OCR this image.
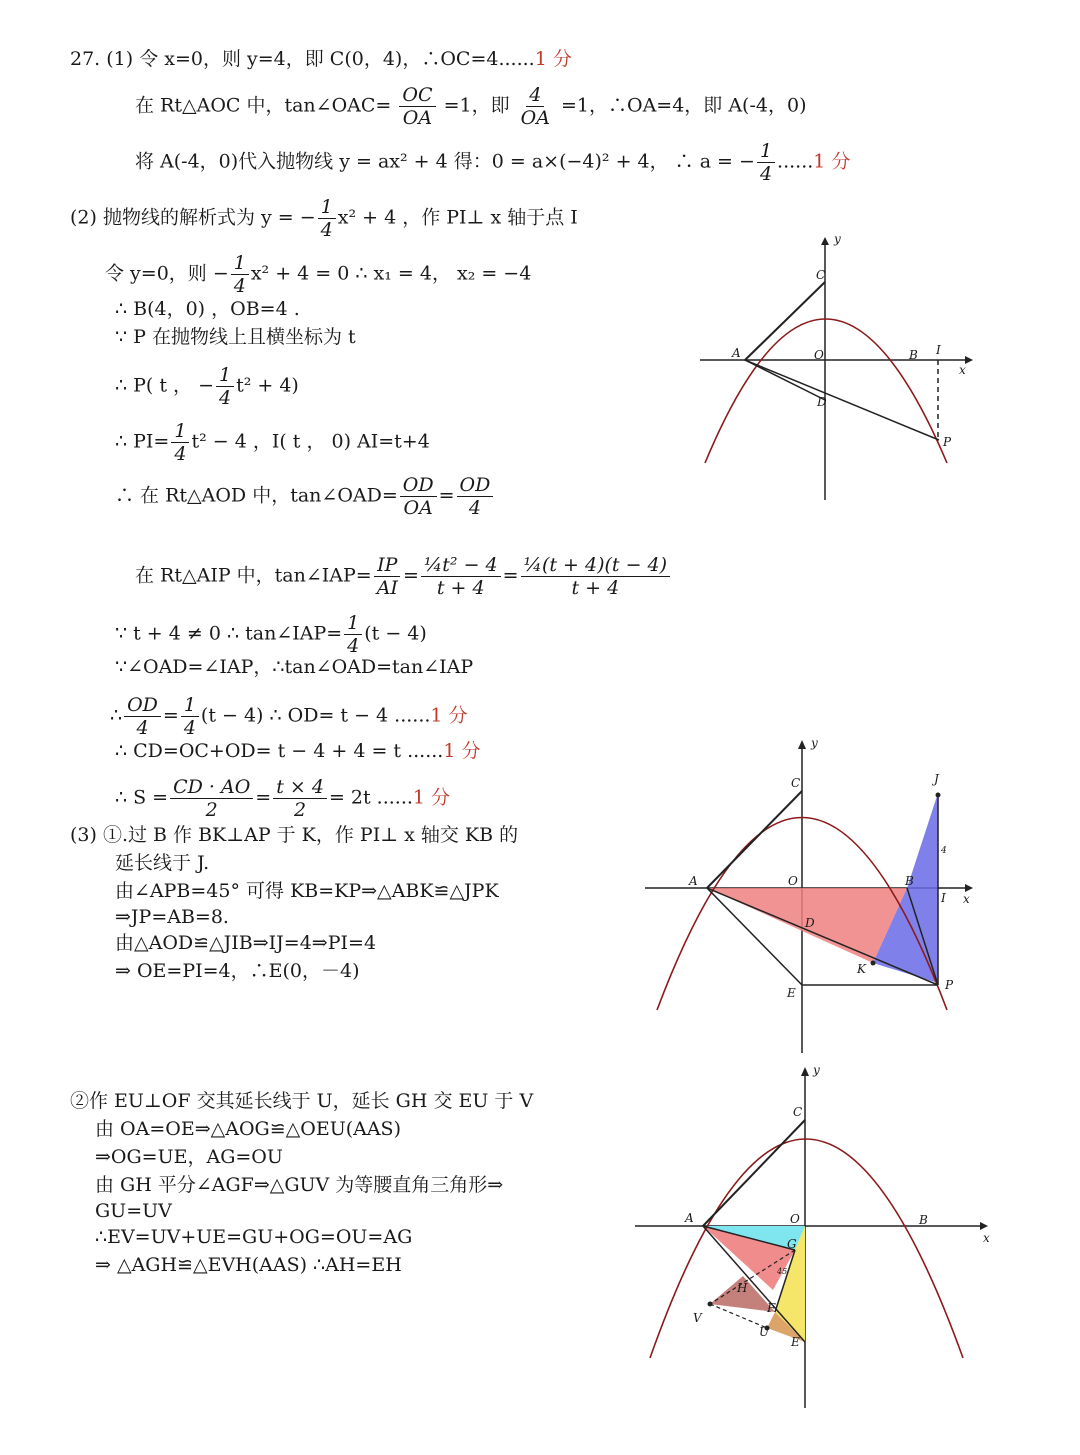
27. (1) 令 x=0，则 y=4，即 C(0，4)，∴OC=4......1 分
在 Rt△AOC 中，tan∠OAC= $\frac{OC}{OA} =1$，即 $\frac{4}{OA} =1$，∴OA=4，即 A(-4，0)
将 A(-4，0)代入抛物线 y = ax² + 4 得：0 = a×(−4)² + 4， ∴ a = − $\frac{1}{4} ......1$ 分
(2) 抛物线的解析式为 y = − $\frac{1}{4} x^2 + 4$ ，作 PI⊥ x 轴于点 I
令 y=0，则 − $\frac{1}{4} x^2 + 4 = 0$ ∴ x₁ = 4， x₂ = −4
∴ B(4，0) ，OB=4 .
∵ P 在抛物线上且横坐标为 t
∴ P( t ， − $\frac{1}{4} t^2 + 4$)
∴ $PI= \frac{1}{4} t^2 - 4$ ，I( t ， 0) AI=t+4
∴ 在 Rt△AOD 中，tan∠OAD= $\frac{OD}{OA} = \frac{OD}{4}$
在 Rt△AIP 中，tan∠IAP= $\frac{IP}{AI} = \frac{\text{¼t² − 4}}{t + 4} = \frac{\text{¼(t + 4)(t − 4)}}{t + 4}$
∵ t + 4 ≠ 0 ∴ tan∠IAP= $\frac{1}{4} (t - 4)$
∵∠OAD=∠IAP，∴tan∠OAD=tan∠IAP
∴ $\frac{OD}{4} = \frac{1}{4} (t - 4)$ ∴ OD= t − 4 ......1 分
∴ CD=OC+OD= t − 4 + 4 = t ......1 分
∴ $S = \frac{CD \cdot AO}{2} = \frac{t \times 4}{2} = 2t$ ......1 分
(3) ①.过 B 作 BK⊥AP 于 K，作 PI⊥ x 轴交 KB 的
延长线于 J.
由∠APB=45° 可得 KB=KP⇒△ABK≌△JPK
⇒JP=AB=8.
由△AOD≌△JIB⇒IJ=4⇒PI=4
⇒ OE=PI=4，∴E(0，－4)
②作 EU⊥OF 交其延长线于 U，延长 GH 交 EU 于 V
由 OA=OE⇒△AOG≌△OEU(AAS)
⇒OG=UE，AG=OU
由 GH 平分∠AGF⇒△GUV 为等腰直角三角形⇒
GU=UV
∴EV=UV+UE=GU+OG=OU=AG
⇒ △AGH≌△EVH(AAS) ∴AH=EH
y
x
C
A	O	B I
D
P
y
x
C	J
A	O	B
I
D
K
E
P
4
y
x
C
A	O	B
G
H
F
V
U
E
45
